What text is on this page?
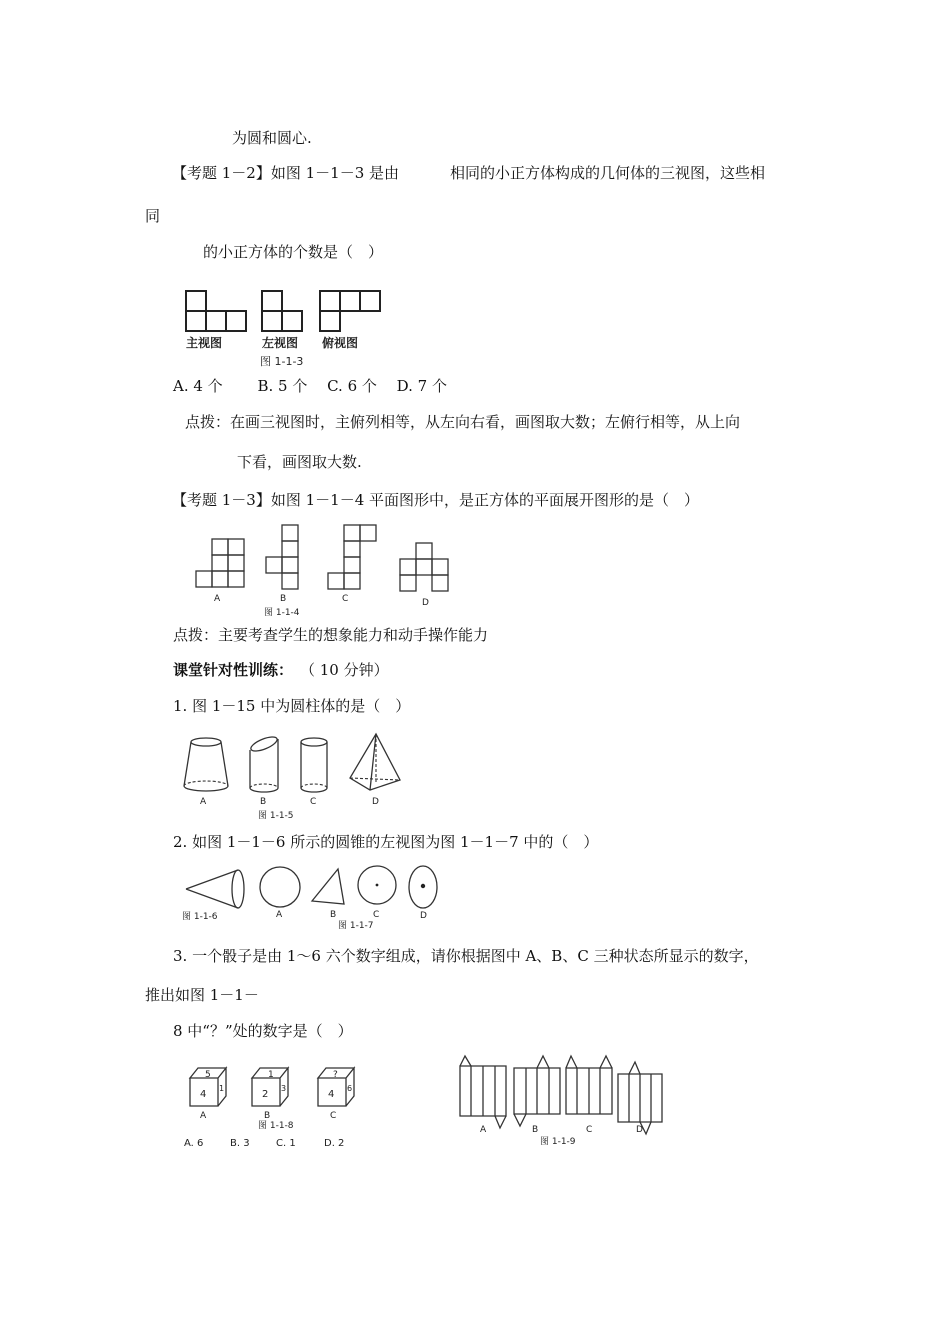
为圆和圆心.
【考题 1－2】如图 1－1－3 是由	相同的小正方体构成的几何体的三视图，这些相
同
的小正方体的个数是（　）
主视图	左视图 俯视图
图 1-1-3
A. 4 个　　 B. 5 个　 C. 6 个　 D. 7 个
点拨：在画三视图时，主俯列相等，从左向右看，画图取大数；左俯行相等，从上向
下看，画图取大数.
【考题 1－3】如图 1－1－4 平面图形中，是正方体的平面展开图形的是（　）
A	B	C	D
图 1-1-4
点拨：主要考查学生的想象能力和动手操作能力
课堂针对性训练： （ 10 分钟）
1. 图 1－15 中为圆柱体的是（　）
A	B	C	D
图 1-1-5
2. 如图 1－1－6 所示的圆锥的左视图为图 1－1－7 中的（　）
图 1-1-6	A	B	C	D
图 1-1-7
3. 一个骰子是由 1～6 六个数字组成，请你根据图中 A、B、C 三种状态所显示的数字，
推出如图 1－1－
8 中“？”处的数字是（　）
5
4
1
1
2
3
?
4
6
A	B	C
图 1-1-8
A. 6	B. 3	C. 1	D. 2
A	B	C	D
图 1-1-9
